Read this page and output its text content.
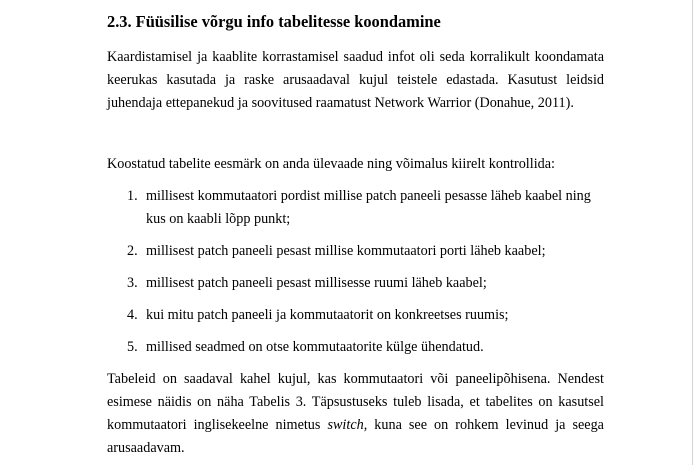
2.3. Füüsilise võrgu info tabelitesse koondamine

Kaardistamisel ja kaablite korrastamisel saadud infot oli seda korralikult koondamata keerukas kasutada ja raske arusaadaval kujul teistele edastada. Kasutust leidsid juhendaja ettepanekud ja soovitused raamatust Network Warrior (Donahue, 2011).

Koostatud tabelite eesmärk on anda ülevaade ning võimalus kiirelt kontrollida:

1. millisest kommutaatori pordist millise patch paneeli pesasse läheb kaabel ning kus on kaabli lõpp punkt;
2. millisest patch paneeli pesast millise kommutaatori porti läheb kaabel;
3. millisest patch paneeli pesast millisesse ruumi läheb kaabel;
4. kui mitu patch paneeli ja kommutaatorit on konkreetses ruumis;
5. millised seadmed on otse kommutaatorite külge ühendatud.

Tabeleid on saadaval kahel kujul, kas kommutaatori või paneelipõhisena. Nendest esimese näidis on näha Tabelis 3. Täpsustuseks tuleb lisada, et tabelites on kasutsel kommutaatori inglisekeelne nimetus switch, kuna see on rohkem levinud ja seega arusaadavam.
